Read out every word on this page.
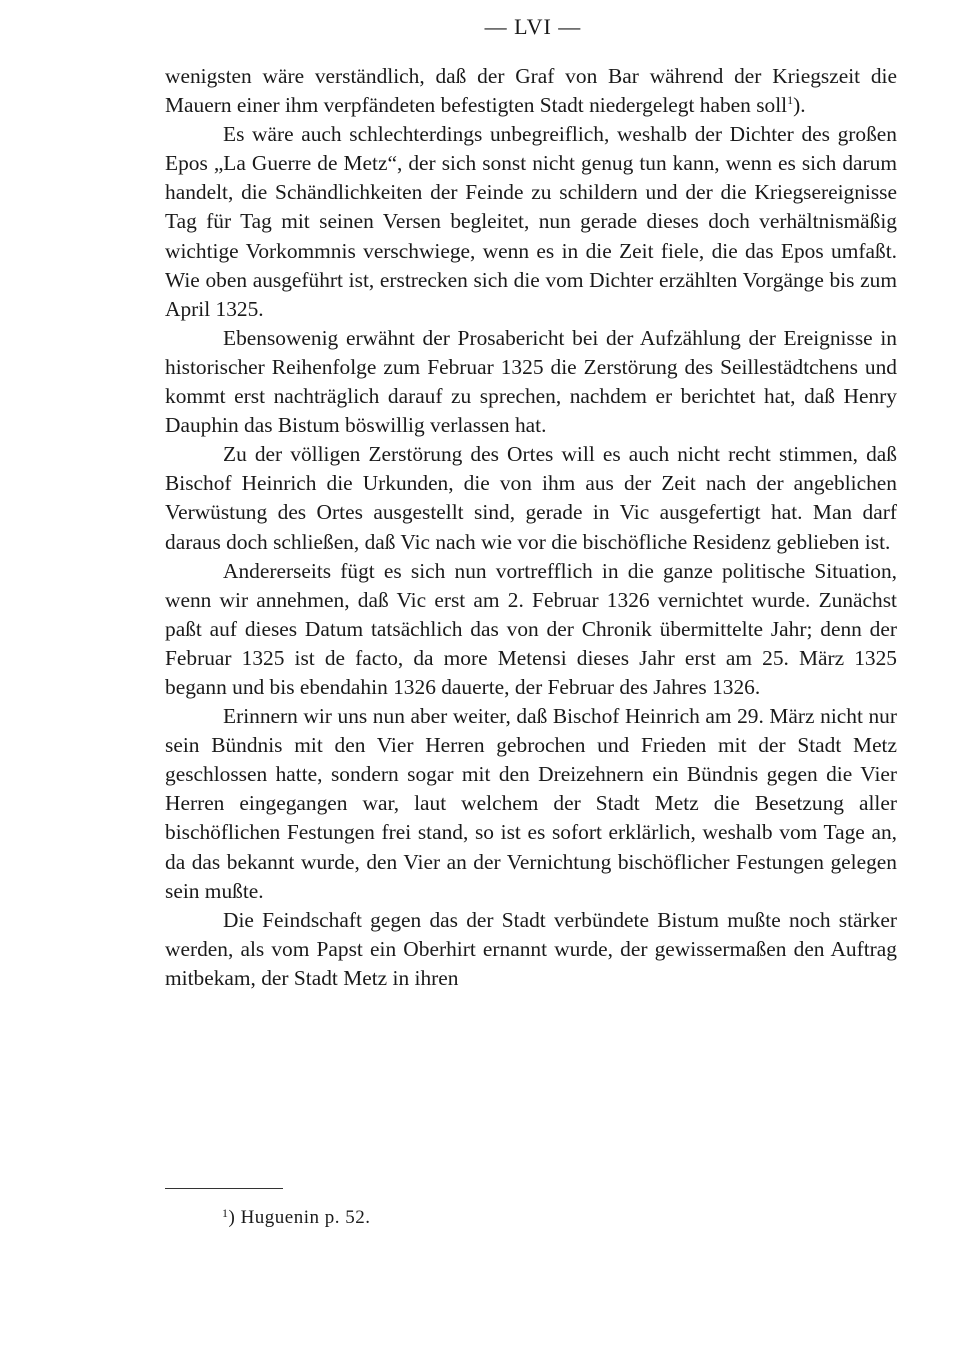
— LVI —

wenigsten wäre verständlich, daß der Graf von Bar während der Kriegszeit die Mauern einer ihm verpfändeten befestigten Stadt niedergelegt haben soll$^1$).

Es wäre auch schlechterdings unbegreiflich, weshalb der Dichter des großen Epos „La Guerre de Metz“, der sich sonst nicht genug tun kann, wenn es sich darum handelt, die Schändlichkeiten der Feinde zu schildern und der die Kriegsereignisse Tag für Tag mit seinen Versen begleitet, nun gerade dieses doch verhältnismäßig wichtige Vorkommnis verschwiege, wenn es in die Zeit fiele, die das Epos umfaßt. Wie oben ausgeführt ist, erstrecken sich die vom Dichter erzählten Vorgänge bis zum April 1325.

Ebensowenig erwähnt der Prosabericht bei der Aufzählung der Ereignisse in historischer Reihenfolge zum Februar 1325 die Zerstörung des Seillestädtchens und kommt erst nachträglich darauf zu sprechen, nachdem er berichtet hat, daß Henry Dauphin das Bistum böswillig verlassen hat.

Zu der völligen Zerstörung des Ortes will es auch nicht recht stimmen, daß Bischof Heinrich die Urkunden, die von ihm aus der Zeit nach der angeblichen Verwüstung des Ortes ausgestellt sind, gerade in Vic ausgefertigt hat. Man darf daraus doch schließen, daß Vic nach wie vor die bischöfliche Residenz geblieben ist.

Andererseits fügt es sich nun vortrefflich in die ganze politische Situation, wenn wir annehmen, daß Vic erst am 2. Februar 1326 vernichtet wurde. Zunächst paßt auf dieses Datum tatsächlich das von der Chronik übermittelte Jahr; denn der Februar 1325 ist de facto, da more Metensi dieses Jahr erst am 25. März 1325 begann und bis ebendahin 1326 dauerte, der Februar des Jahres 1326.

Erinnern wir uns nun aber weiter, daß Bischof Heinrich am 29. März nicht nur sein Bündnis mit den Vier Herren gebrochen und Frieden mit der Stadt Metz geschlossen hatte, sondern sogar mit den Dreizehnern ein Bündnis gegen die Vier Herren eingegangen war, laut welchem der Stadt Metz die Besetzung aller bischöflichen Festungen frei stand, so ist es sofort erklärlich, weshalb vom Tage an, da das bekannt wurde, den Vier an der Vernichtung bischöflicher Festungen gelegen sein mußte.

Die Feindschaft gegen das der Stadt verbündete Bistum mußte noch stärker werden, als vom Papst ein Oberhirt ernannt wurde, der gewissermaßen den Auftrag mitbekam, der Stadt Metz in ihren

$^1$) Huguenin p. 52.
